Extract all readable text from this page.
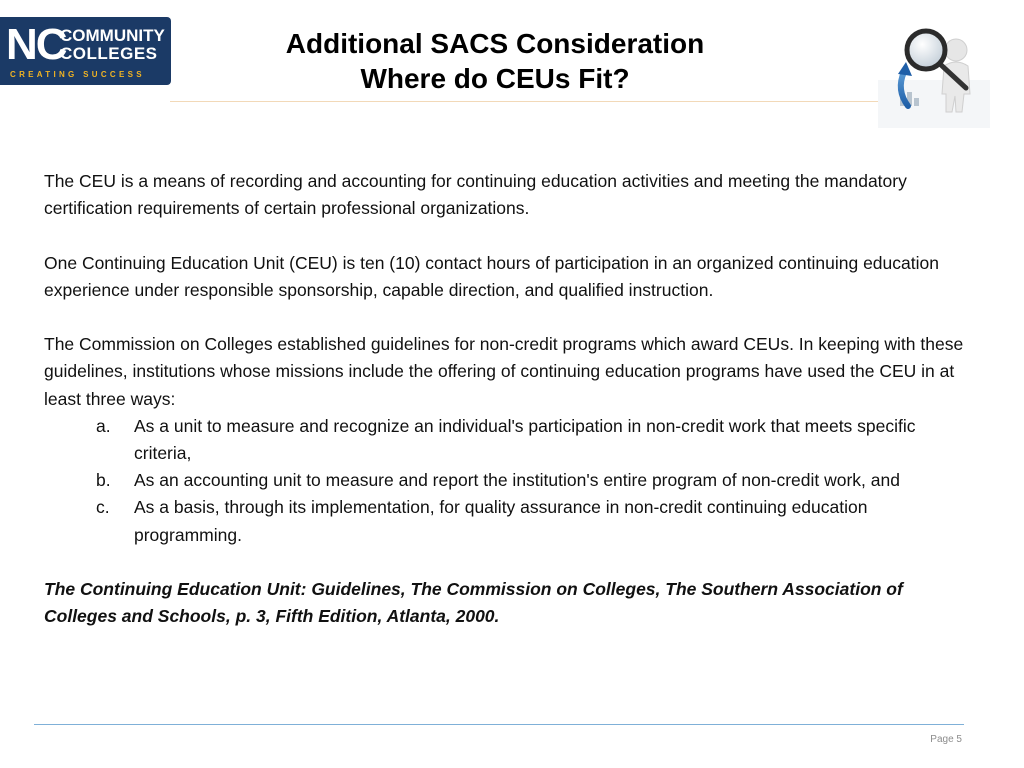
NC
COMMUNITY
COLLEGES
CREATING SUCCESS
Additional SACS Consideration
Where do CEUs Fit?

The CEU is a means of recording and accounting for continuing education activities and meeting the mandatory certification requirements of certain professional organizations.

One Continuing Education Unit (CEU) is ten (10) contact hours of participation in an organized continuing education experience under responsible sponsorship, capable direction, and qualified instruction.

The Commission on Colleges established guidelines for non-credit programs which award CEUs. In keeping with these guidelines, institutions whose missions include the offering of continuing education programs have used the CEU in at least three ways:

a. As a unit to measure and recognize an individual's participation in non-credit work that meets specific criteria,
b. As an accounting unit to measure and report the institution's entire program of non-credit work, and
c. As a basis, through its implementation, for quality assurance in non-credit continuing education programming.

The Continuing Education Unit: Guidelines, The Commission on Colleges, The Southern Association of Colleges and Schools, p. 3, Fifth Edition, Atlanta, 2000.

Page 5
